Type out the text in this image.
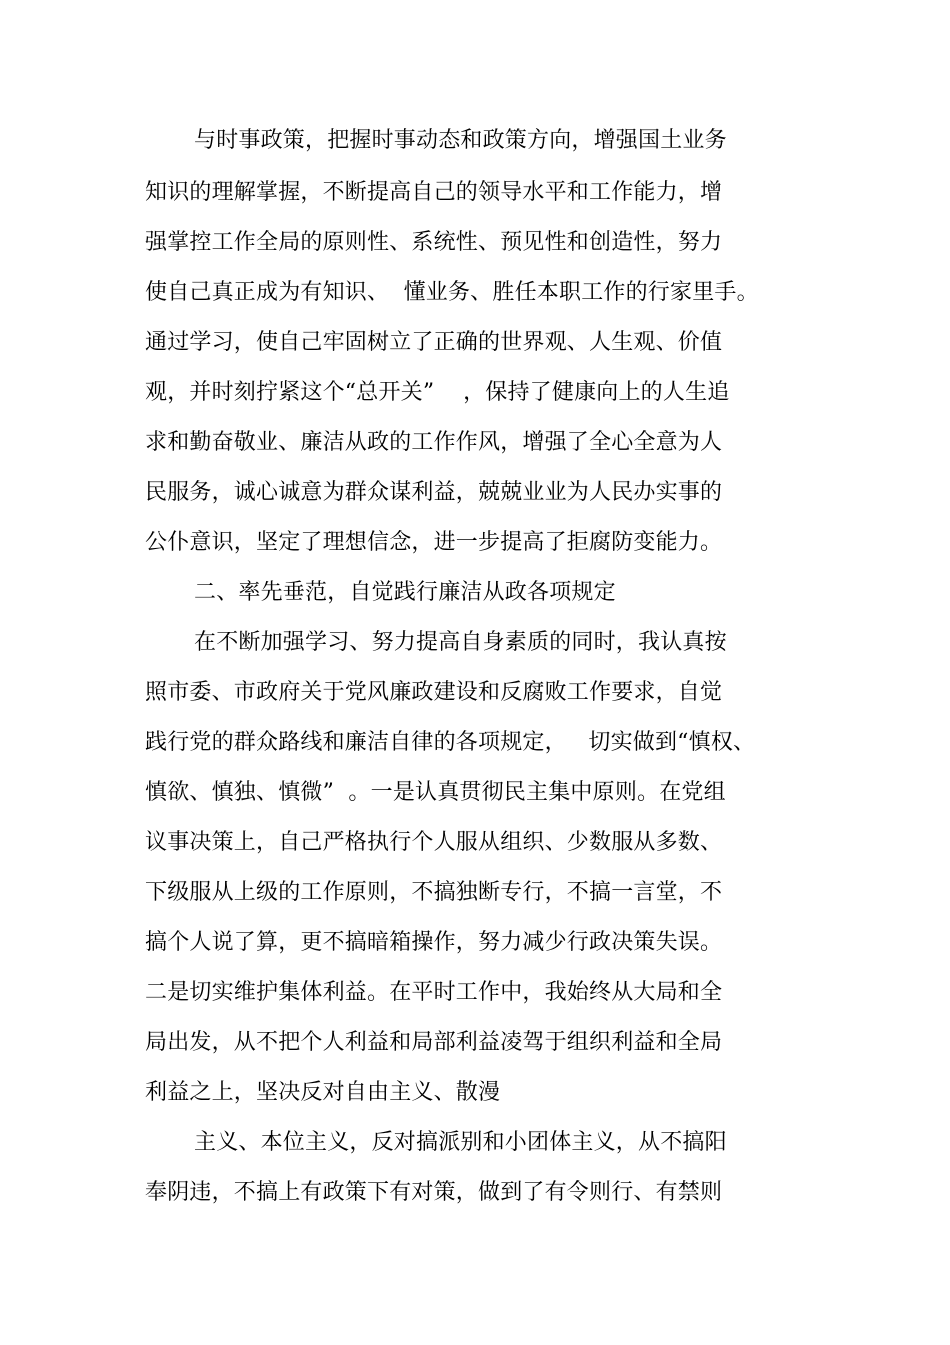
与时事政策，把握时事动态和政策方向，增强国土业务
知识的理解掌握，不断提高自己的领导水平和工作能力，增
强掌控工作全局的原则性、系统性、预见性和创造性，努力
使自己真正成为有知识、  懂业务、胜任本职工作的行家里手。
通过学习，使自己牢固树立了正确的世界观、人生观、价值
观，并时刻拧紧这个“总开关”    ，保持了健康向上的人生追
求和勤奋敬业、廉洁从政的工作作风，增强了全心全意为人
民服务，诚心诚意为群众谋利益，兢兢业业为人民办实事的
公仆意识，坚定了理想信念，进一步提高了拒腐防变能力。
二、率先垂范，自觉践行廉洁从政各项规定
在不断加强学习、努力提高自身素质的同时，我认真按
照市委、市政府关于党风廉政建设和反腐败工作要求，自觉
践行党的群众路线和廉洁自律的各项规定，   切实做到“慎权、
慎欲、慎独、慎微”  。一是认真贯彻民主集中原则。在党组
议事决策上，自己严格执行个人服从组织、少数服从多数、
下级服从上级的工作原则，不搞独断专行，不搞一言堂，不
搞个人说了算，更不搞暗箱操作，努力减少行政决策失误。
二是切实维护集体利益。在平时工作中，我始终从大局和全
局出发，从不把个人利益和局部利益凌驾于组织利益和全局
利益之上，坚决反对自由主义、散漫
主义、本位主义，反对搞派别和小团体主义，从不搞阳
奉阴违，不搞上有政策下有对策，做到了有令则行、有禁则
